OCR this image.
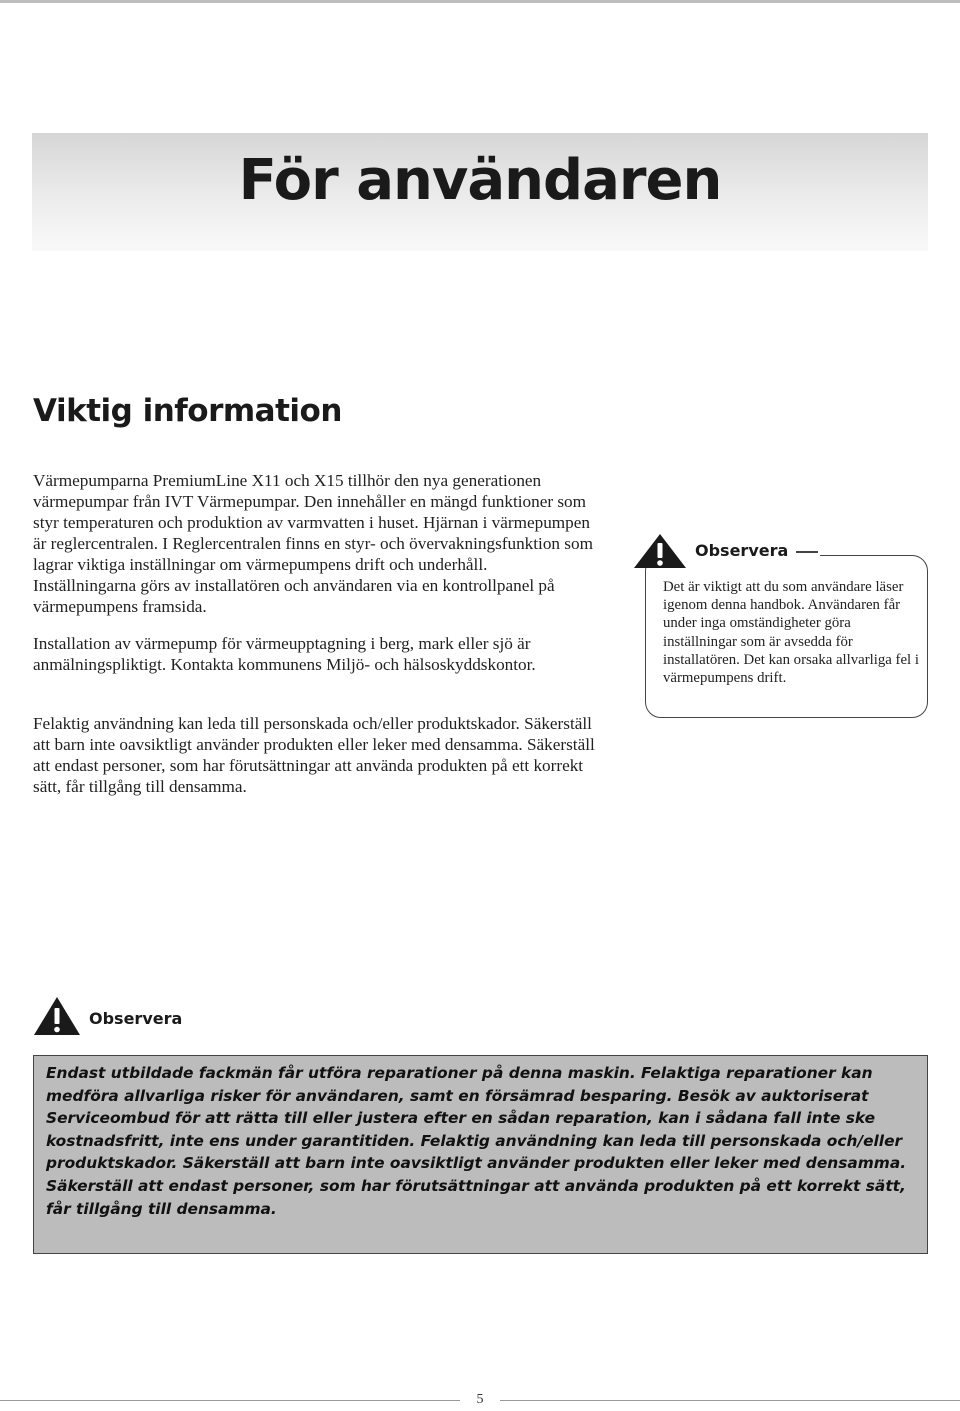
För användaren
Viktig information

Värmepumparna PremiumLine X11 och X15 tillhör den nya generationen värmepumpar från IVT Värmepumpar. Den innehåller en mängd funktioner som styr temperaturen och produktion av varmvatten i huset. Hjärnan i värmepumpen är reglercentralen. I Reglercentralen finns en styr- och övervakningsfunktion som lagrar viktiga inställningar om värmepumpens drift och underhåll. Inställningarna görs av installatören och användaren via en kontrollpanel på värmepumpens framsida.

Installation av värmepump för värmeupptagning i berg, mark eller sjö är anmälningspliktigt. Kontakta kommunens Miljö- och hälsoskyddskontor.

Felaktig användning kan leda till personskada och/eller produktskador. Säkerställ att barn inte oavsiktligt använder produkten eller leker med densamma. Säkerställ att endast personer, som har förutsättningar att använda produkten på ett korrekt sätt, får tillgång till densamma.

Observera

Det är viktigt att du som användare läser igenom denna handbok. Användaren får under inga omständigheter göra inställningar som är avsedda för installatören. Det kan orsaka allvarliga fel i värmepumpens drift.

Observera

Endast utbildade fackmän får utföra reparationer på denna maskin. Felaktiga reparationer kan medföra allvarliga risker för användaren, samt en försämrad besparing. Besök av auktoriserat Serviceombud för att rätta till eller justera efter en sådan reparation, kan i sådana fall inte ske kostnadsfritt, inte ens under garantitiden. Felaktig användning kan leda till personskada och/eller produktskador. Säkerställ att barn inte oavsiktligt använder produkten eller leker med densamma. Säkerställ att endast personer, som har förutsättningar att använda produkten på ett korrekt sätt, får tillgång till densamma.

5
